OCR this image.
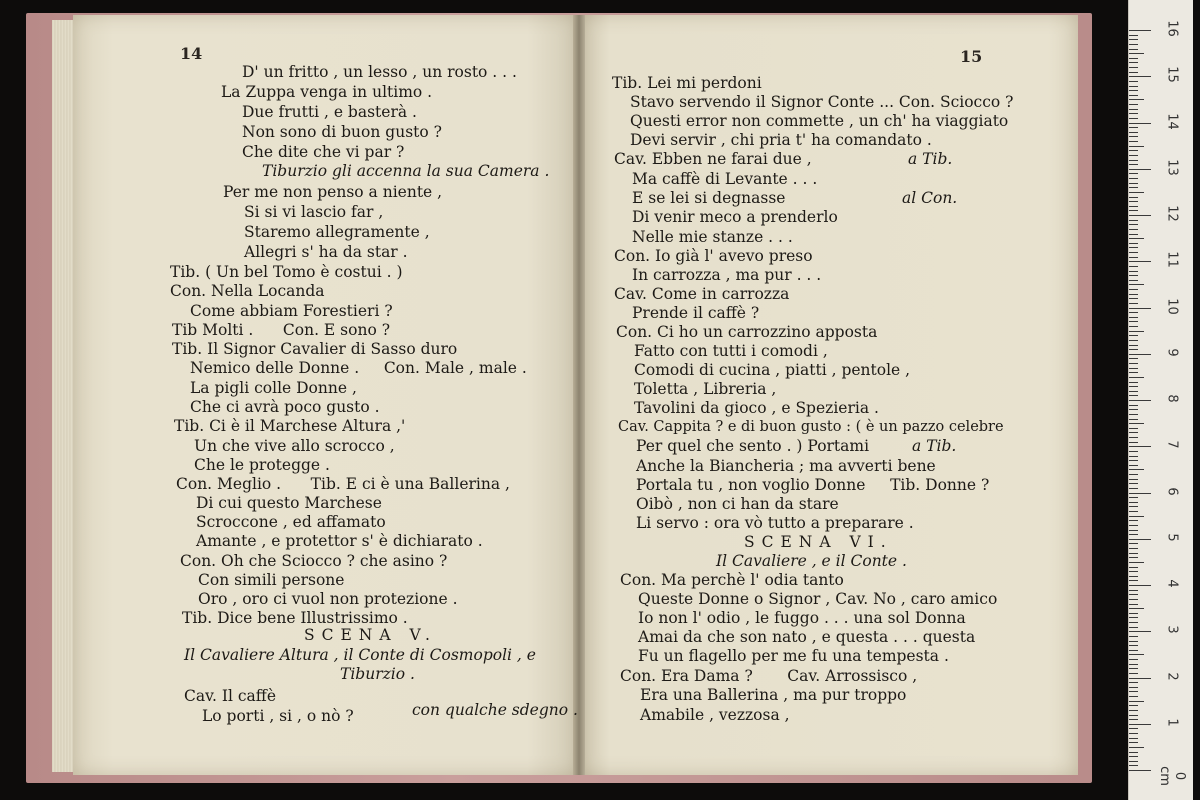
14
D' un fritto , un lesso , un rosto . . .
La Zuppa venga in ultimo .
Due frutti , e basterà .
Non sono di buon gusto ?
Che dite che vi par ?
Tiburzio gli accenna la sua Camera .
Per me non penso a niente ,
Si si vi lascio far ,
Staremo allegramente ,
Allegri s' ha da star .
Tib. ( Un bel Tomo è costui . )
Con. Nella Locanda
Come abbiam Forestieri ?
Tib Molti .      Con. E sono ?
Tib. Il Signor Cavalier di Sasso duro
Nemico delle Donne .     Con. Male , male .
La pigli colle Donne ,
Che ci avrà poco gusto .
Tib. Ci è il Marchese Altura ,'
Un che vive allo scrocco ,
Che le protegge .
Con. Meglio .      Tib. E ci è una Ballerina ,
Di cui questo Marchese
Scroccone , ed affamato
Amante , e protettor s' è dichiarato .
Con. Oh che Sciocco ? che asino ?
Con simili persone
Oro , oro ci vuol non protezione .
Tib. Dice bene Illustrissimo .
SCENA V.
Il Cavaliere Altura , il Conte di Cosmopoli , e
Tiburzio .
Cav. Il caffè
Lo porti , si , o nò ?	con qualche sdegno .
15
Tib. Lei mi perdoni
Stavo servendo il Signor Conte ... Con. Sciocco ?
Questi error non commette , un ch' ha viaggiato
Devi servir , chi pria t' ha comandato .
Cav. Ebben ne farai due ,	a Tib.
Ma caffè di Levante . . .
E se lei si degnasse	al Con.
Di venir meco a prenderlo
Nelle mie stanze . . .
Con. Io già l' avevo preso
In carrozza , ma pur . . .
Cav. Come in carrozza
Prende il caffè ?
Con. Ci ho un carrozzino apposta
Fatto con tutti i comodi ,
Comodi di cucina , piatti , pentole ,
Toletta , Libreria ,
Tavolini da gioco , e Spezieria .
Cav. Cappita ? e di buon gusto : ( è un pazzo celebre
Per quel che sento . ) Portami	a Tib.
Anche la Biancheria ; ma avverti bene
Portala tu , non voglio Donne     Tib. Donne ?
Oibò , non ci han da stare
Li servo : ora vò tutto a preparare .
SCENA VI.
Il Cavaliere , e il Conte .
Con. Ma perchè l' odia tanto
Queste Donne o Signor , Cav. No , caro amico
Io non l' odio , le fuggo . . . una sol Donna
Amai da che son nato , e questa . . . questa
Fu un flagello per me fu una tempesta .
Con. Era Dama ?       Cav. Arrossisco ,
Era una Ballerina , ma pur troppo
Amabile , vezzosa ,
16
15
14
13
12
11
10
9
8
7
6
5
4
3
2
1
0 cm
